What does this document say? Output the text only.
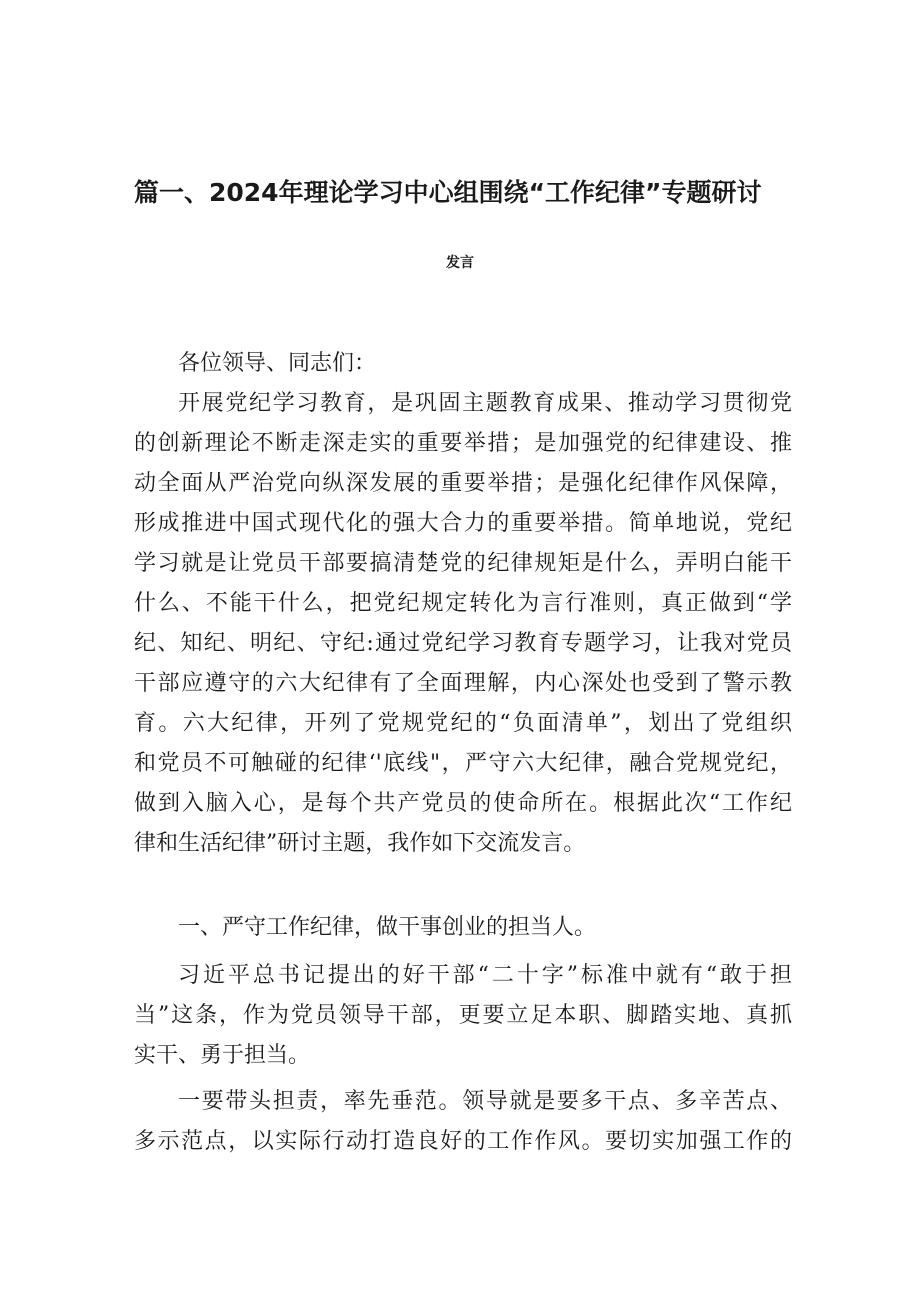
篇一、2024年理论学习中心组围绕“工作纪律”专题研讨
发言
各位领导、同志们：
开展党纪学习教育，是巩固主题教育成果、推动学习贯彻党
的创新理论不断走深走实的重要举措；是加强党的纪律建设、推
动全面从严治党向纵深发展的重要举措；是强化纪律作风保障，
形成推进中国式现代化的强大合力的重要举措。简单地说，党纪
学习就是让党员干部要搞清楚党的纪律规矩是什么，弄明白能干
什么、不能干什么，把党纪规定转化为言行准则，真正做到“学
纪、知纪、明纪、守纪:通过党纪学习教育专题学习，让我对党员
干部应遵守的六大纪律有了全面理解，内心深处也受到了警示教
育。六大纪律，开列了党规党纪的“负面清单”，划出了党组织
和党员不可触碰的纪律‘'底线"，严守六大纪律，融合党规党纪，
做到入脑入心，是每个共产党员的使命所在。根据此次“工作纪
律和生活纪律”研讨主题，我作如下交流发言。
一、严守工作纪律，做干事创业的担当人。
习近平总书记提出的好干部“二十字”标准中就有“敢于担
当”这条，作为党员领导干部，更要立足本职、脚踏实地、真抓
实干、勇于担当。
一要带头担责，率先垂范。领导就是要多干点、多辛苦点、
多示范点，以实际行动打造良好的工作作风。要切实加强工作的
